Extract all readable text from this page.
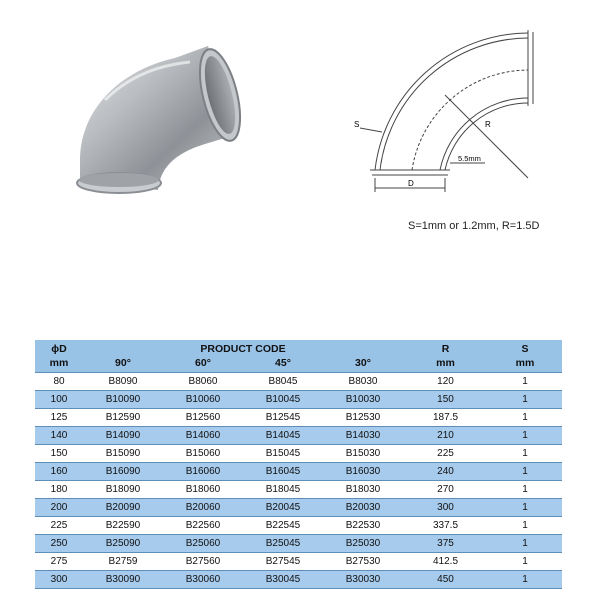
S	R
D
5.5mm
S=1mm or 1.2mm, R=1.5D
ϕD	PRODUCT CODE				R	S
mm	90°	60°	45°	30°	mm	mm
80	B8090	B8060	B8045	B8030	120	1
100	B10090	B10060	B10045	B10030	150	1
125	B12590	B12560	B12545	B12530	187.5	1
140	B14090	B14060	B14045	B14030	210	1
150	B15090	B15060	B15045	B15030	225	1
160	B16090	B16060	B16045	B16030	240	1
180	B18090	B18060	B18045	B18030	270	1
200	B20090	B20060	B20045	B20030	300	1
225	B22590	B22560	B22545	B22530	337.5	1
250	B25090	B25060	B25045	B25030	375	1
275	B2759	B27560	B27545	B27530	412.5	1
300	B30090	B30060	B30045	B30030	450	1
